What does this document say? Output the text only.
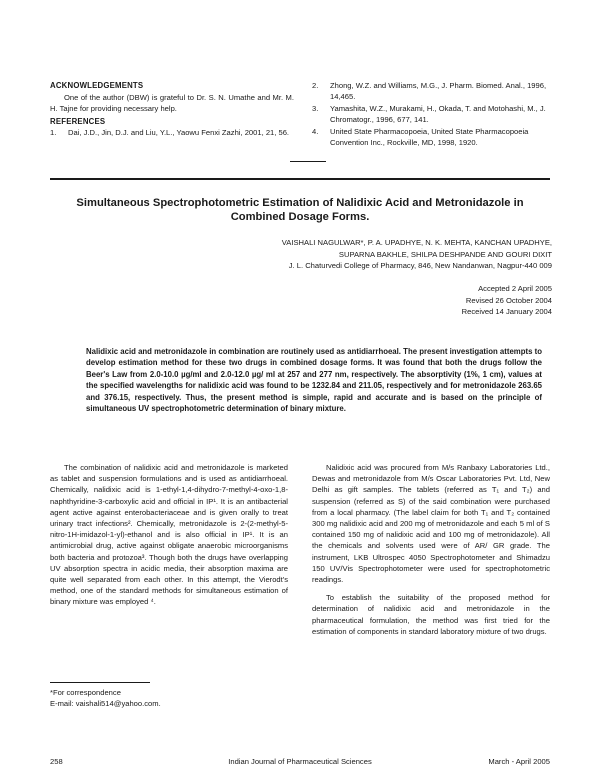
ACKNOWLEDGEMENTS

One of the author (DBW) is grateful to Dr. S. N. Umathe and Mr. M. H. Tajne for providing necessary help.

REFERENCES
1. Dai, J.D., Jin, D.J. and Liu, Y.L., Yaowu Fenxi Zazhi, 2001, 21, 56.
2. Zhong, W.Z. and Williams, M.G., J. Pharm. Biomed. Anal., 1996, 14,465.
3. Yamashita, W.Z., Murakami, H., Okada, T. and Motohashi, M., J. Chromatogr., 1996, 677, 141.
4. United State Pharmacopoeia, United State Pharmacopoeia Convention Inc., Rockville, MD, 1998, 1920.
Simultaneous Spectrophotometric Estimation of Nalidixic Acid and Metronidazole in Combined Dosage Forms.
VAISHALI NAGULWAR*, P. A. UPADHYE, N. K. MEHTA, KANCHAN UPADHYE,
SUPARNA BAKHLE, SHILPA DESHPANDE AND GOURI DIXIT
J. L. Chaturvedi College of Pharmacy, 846, New Nandanwan, Nagpur-440 009
Accepted 2 April 2005
Revised 26 October 2004
Received 14 January 2004
Nalidixic acid and metronidazole in combination are routinely used as antidiarrhoeal. The present investigation attempts to develop estimation method for these two drugs in combined dosage forms. It was found that both the drugs follow the Beer's Law from 2.0-10.0 µg/ml and 2.0-12.0 µg/ ml at 257 and 277 nm, respectively. The absorptivity (1%, 1 cm), values at the specified wavelengths for nalidixic acid was found to be 1232.84 and 211.05, respectively and for metronidazole 263.65 and 376.15, respectively. Thus, the present method is simple, rapid and accurate and is based on the principle of simultaneous UV spectrophotometric determination of binary mixture.

The combination of nalidixic acid and metronidazole is marketed as tablet and suspension formulations and is used as antidiarrhoeal. Chemically, nalidixic acid is 1-ethyl-1,4-dihydro-7-methyl-4-oxo-1,8-naphthyridine-3-carboxylic acid and official in IP¹. It is an antibacterial agent active against enterobacteriaceae and is given orally to treat urinary tract infections². Chemically, metronidazole is 2-(2-methyl-5-nitro-1H-imidazol-1-yl)-ethanol and is also official in IP¹. It is an antimicrobial drug, active against obligate anaerobic microorganisms both bacteria and protozoa³. Though both the drugs have overlapping UV absorption spectra in acidic media, their absorption maxima are quite well separated from each other. In this attempt, the Vierodt's method, one of the standard methods for simultaneous estimation of binary mixture was employed ⁴.

*For correspondence
E-mail: vaishali514@yahoo.com.

Nalidixic acid was procured from M/s Ranbaxy Laboratories Ltd., Dewas and metronidazole from M/s Oscar Laboratories Pvt. Ltd, New Delhi as gift samples. The tablets (referred as T₁ and T₂) and suspension (referred as S) of the said combination were purchased from a local pharmacy. (The label claim for both T₁ and T₂ contained 300 mg nalidixic acid and 200 mg of metronidazole and each 5 ml of S contained 150 mg of nalidixic acid and 100 mg of metronidazole). All the chemicals and solvents used were of AR/ GR grade. The instrument, LKB Ultrospec 4050 Spectrophotometer and Shimadzu 150 UV/Vis Spectrophotometer were used for spectrophotometric readings.

To establish the suitability of the proposed method for determination of nalidixic acid and metronidazole in the pharmaceutical formulation, the method was first tried for the estimation of components in standard laboratory mixture of two drugs.

258	Indian Journal of Pharmaceutical Sciences	March - April 2005
